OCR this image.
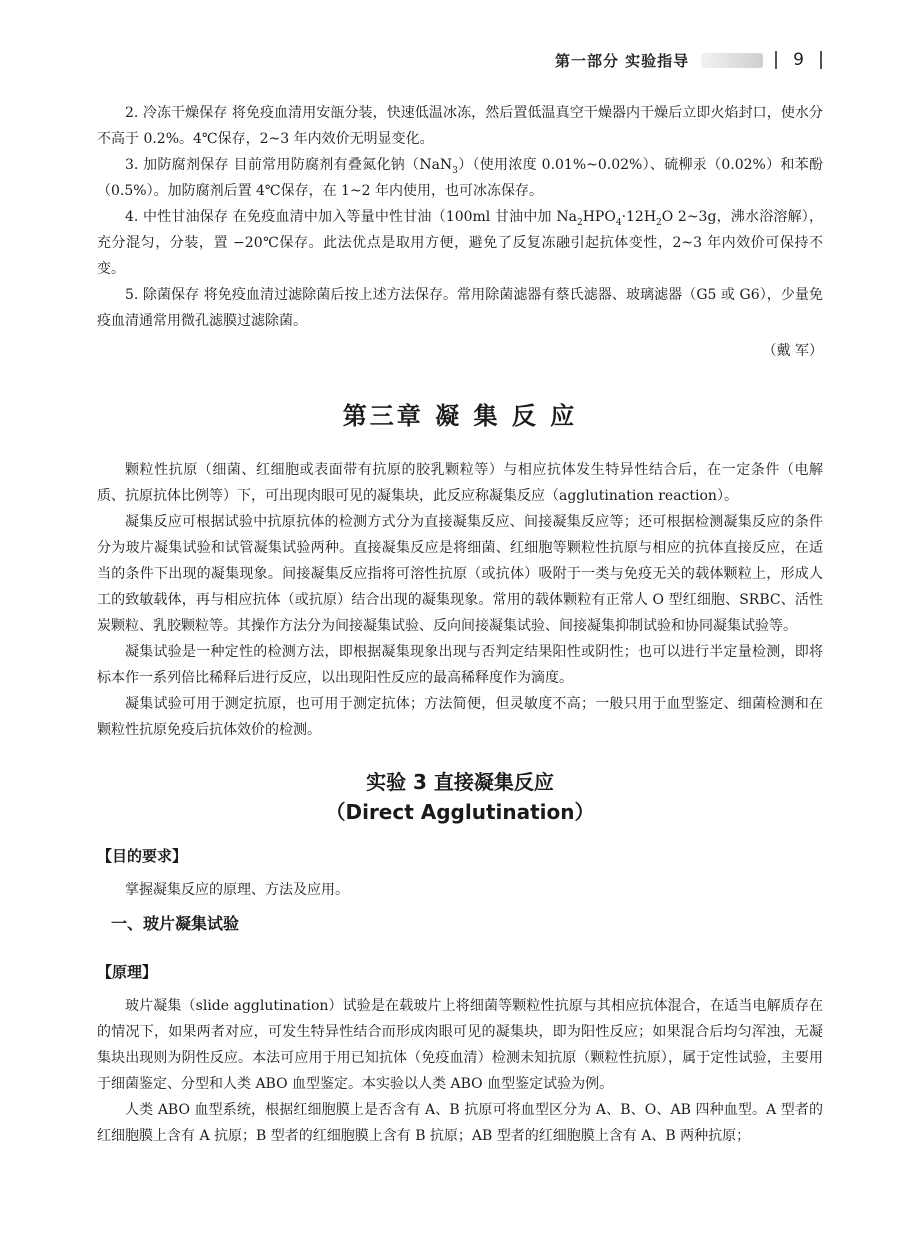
第一部分 实验指导	9

2. 冷冻干燥保存 将免疫血清用安瓿分装，快速低温冰冻，然后置低温真空干燥器内干燥后立即火焰封口，使水分不高于 0.2%。4℃保存，2~3 年内效价无明显变化。

3. 加防腐剂保存 目前常用防腐剂有叠氮化钠（NaN$_3$）（使用浓度 0.01%~0.02%）、硫柳汞（0.02%）和苯酚（0.5%）。加防腐剂后置 4℃保存，在 1~2 年内使用，也可冰冻保存。

4. 中性甘油保存 在免疫血清中加入等量中性甘油（100ml 甘油中加 $Na_2HPO_4\cdot 12H_2O$ 2~3g，沸水浴溶解），充分混匀，分装，置 −20℃保存。此法优点是取用方便，避免了反复冻融引起抗体变性，2~3 年内效价可保持不变。

5. 除菌保存 将免疫血清过滤除菌后按上述方法保存。常用除菌滤器有蔡氏滤器、玻璃滤器（G5 或 G6），少量免疫血清通常用微孔滤膜过滤除菌。

（戴 军）

第三章 凝 集 反 应

颗粒性抗原（细菌、红细胞或表面带有抗原的胶乳颗粒等）与相应抗体发生特异性结合后，在一定条件（电解质、抗原抗体比例等）下，可出现肉眼可见的凝集块，此反应称凝集反应（agglutination reaction）。

凝集反应可根据试验中抗原抗体的检测方式分为直接凝集反应、间接凝集反应等；还可根据检测凝集反应的条件分为玻片凝集试验和试管凝集试验两种。直接凝集反应是将细菌、红细胞等颗粒性抗原与相应的抗体直接反应，在适当的条件下出现的凝集现象。间接凝集反应指将可溶性抗原（或抗体）吸附于一类与免疫无关的载体颗粒上，形成人工的致敏载体，再与相应抗体（或抗原）结合出现的凝集现象。常用的载体颗粒有正常人 O 型红细胞、SRBC、活性炭颗粒、乳胶颗粒等。其操作方法分为间接凝集试验、反向间接凝集试验、间接凝集抑制试验和协同凝集试验等。

凝集试验是一种定性的检测方法，即根据凝集现象出现与否判定结果阳性或阴性；也可以进行半定量检测，即将标本作一系列倍比稀释后进行反应，以出现阳性反应的最高稀释度作为滴度。

凝集试验可用于测定抗原，也可用于测定抗体；方法简便，但灵敏度不高；一般只用于血型鉴定、细菌检测和在颗粒性抗原免疫后抗体效价的检测。

实验 3 直接凝集反应
（Direct Agglutination）
【目的要求】

掌握凝集反应的原理、方法及应用。

一、玻片凝集试验
【原理】

玻片凝集（slide agglutination）试验是在载玻片上将细菌等颗粒性抗原与其相应抗体混合，在适当电解质存在的情况下，如果两者对应，可发生特异性结合而形成肉眼可见的凝集块，即为阳性反应；如果混合后均匀浑浊，无凝集块出现则为阴性反应。本法可应用于用已知抗体（免疫血清）检测未知抗原（颗粒性抗原），属于定性试验，主要用于细菌鉴定、分型和人类 ABO 血型鉴定。本实验以人类 ABO 血型鉴定试验为例。

人类 ABO 血型系统，根据红细胞膜上是否含有 A、B 抗原可将血型区分为 A、B、O、AB 四种血型。A 型者的红细胞膜上含有 A 抗原；B 型者的红细胞膜上含有 B 抗原；AB 型者的红细胞膜上含有 A、B 两种抗原；
